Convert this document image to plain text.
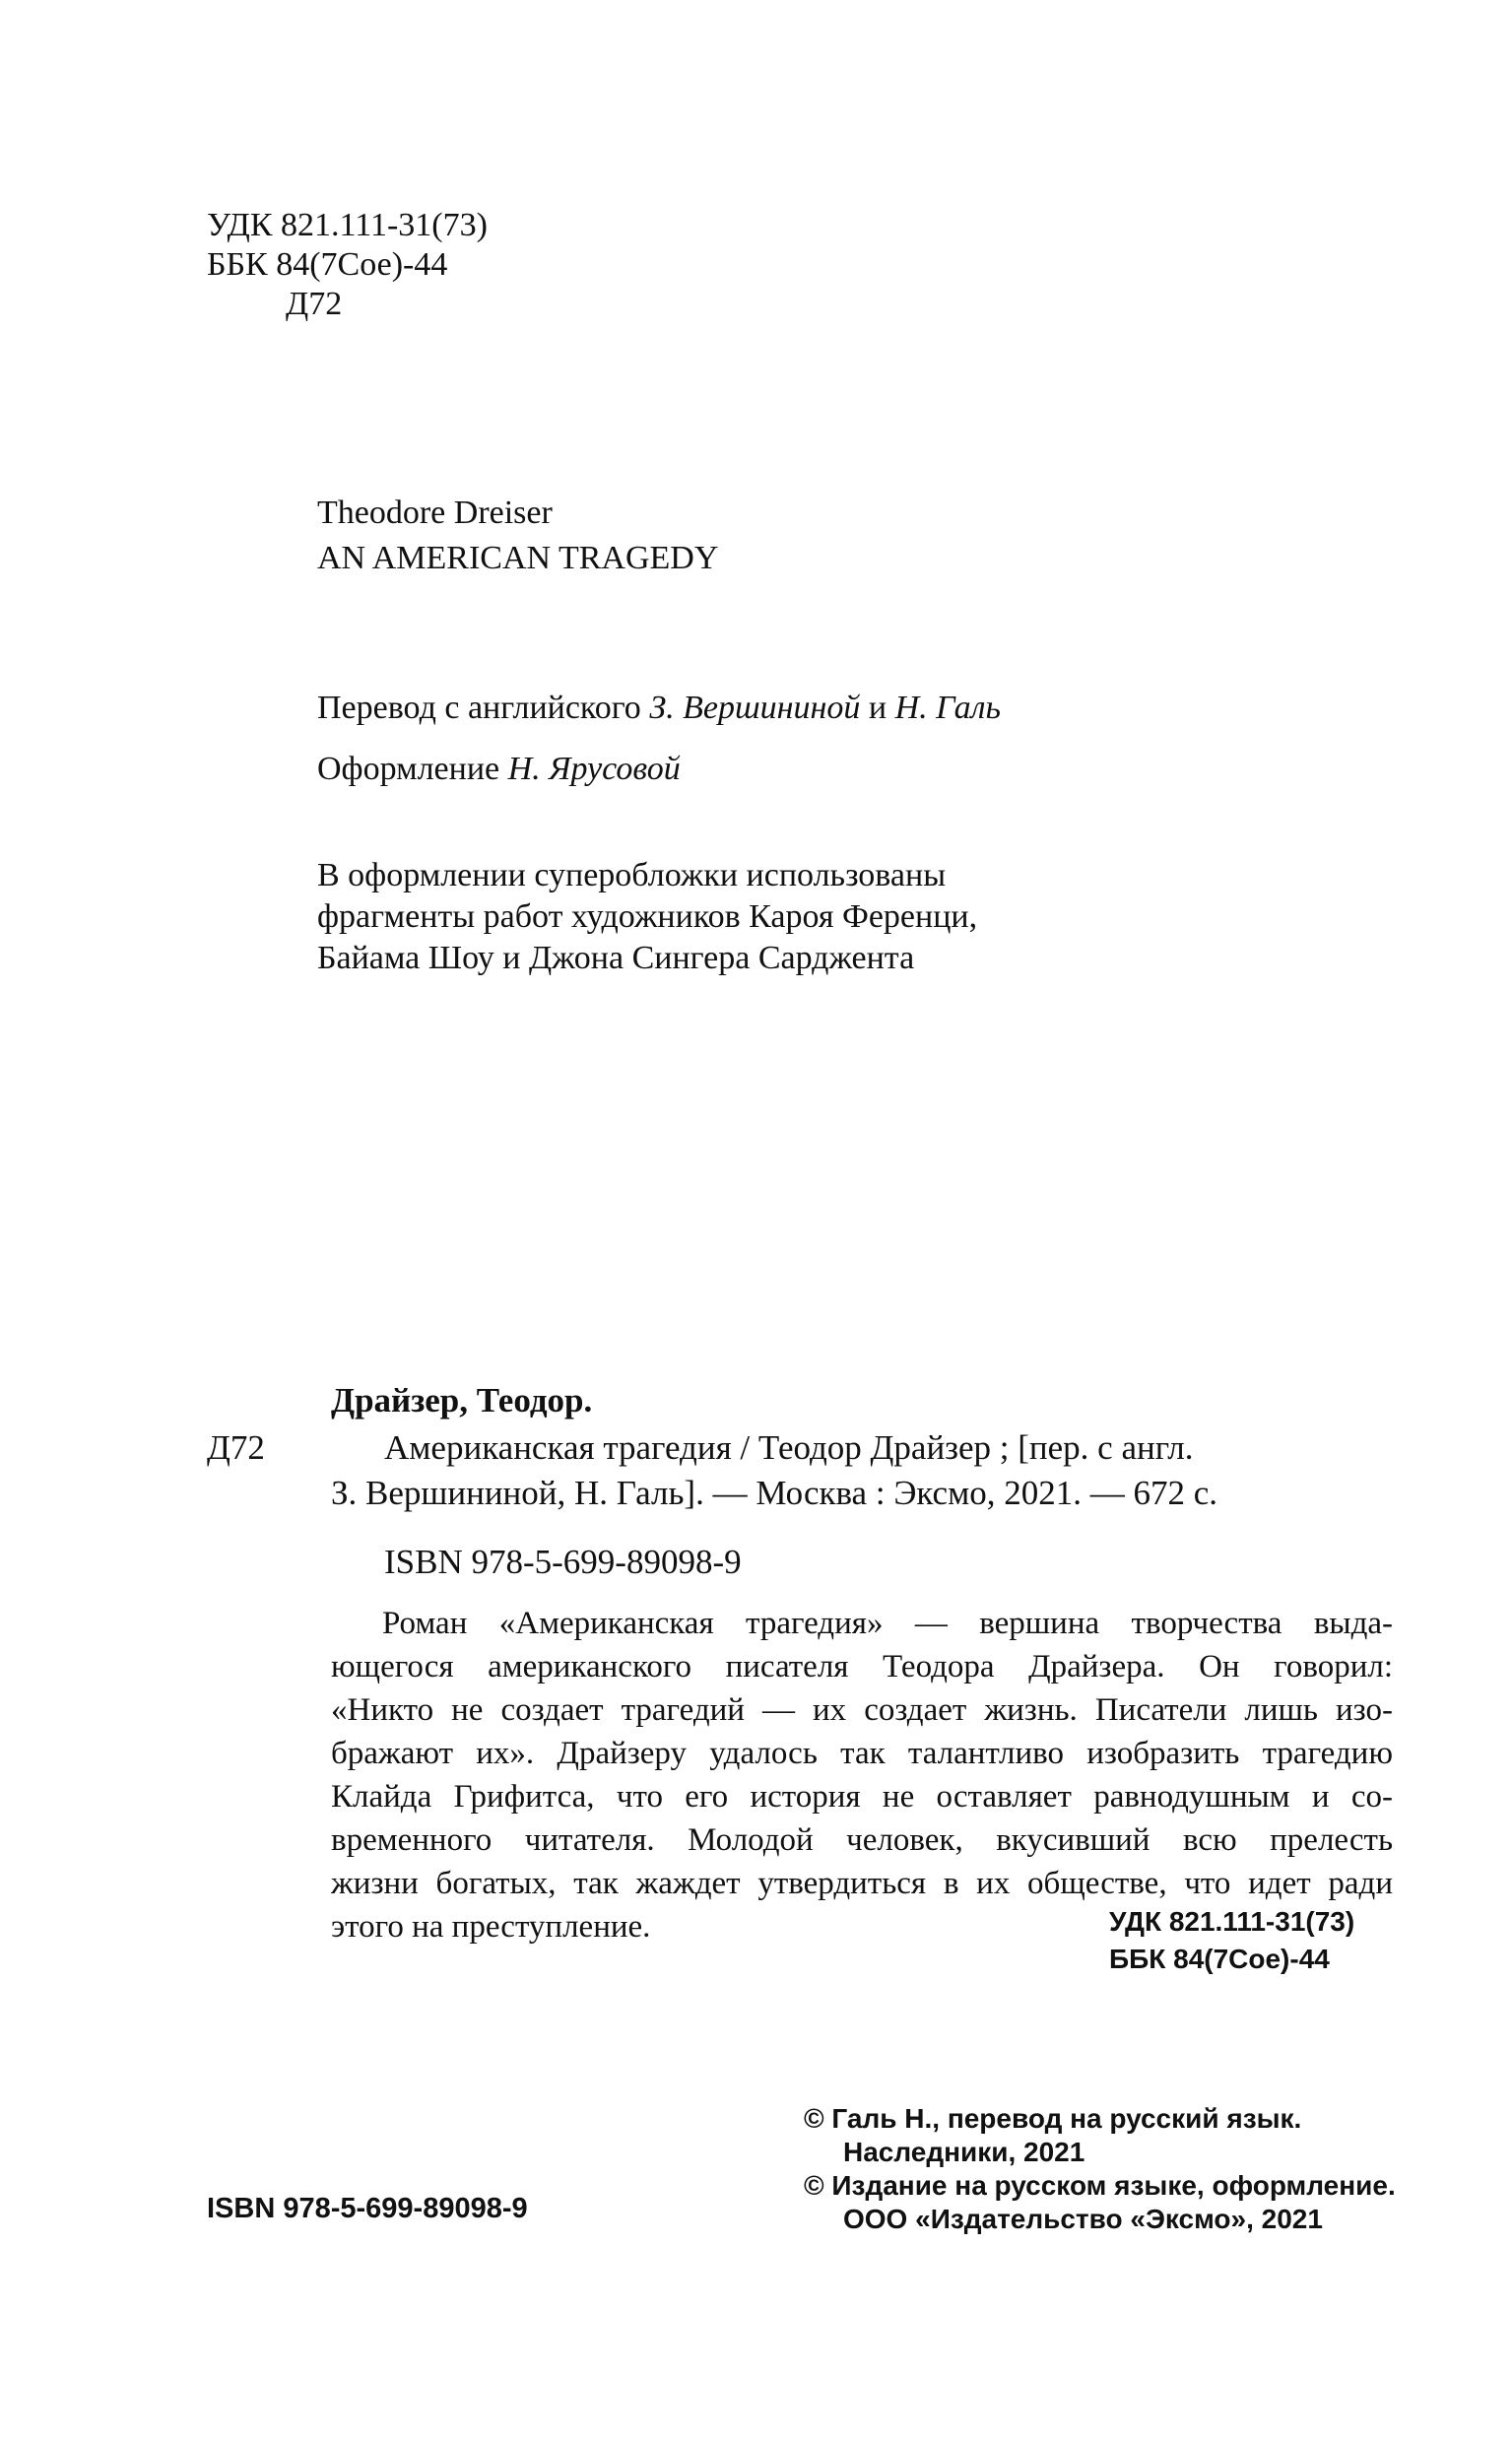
УДК 821.111-31(73)
ББК 84(7Сое)-44
Д72
Theodore Dreiser
AN AMERICAN TRAGEDY
Перевод с английского З. Вершининой и Н. Галь
Оформление Н. Ярусовой
В оформлении суперобложки использованы
фрагменты работ художников Кароя Ференци,
Байама Шоу и Джона Сингера Сарджента
Драйзер, Теодор.
Д72	Американская трагедия / Теодор Драйзер ; [пер. с англ.
З. Вершининой, Н. Галь]. — Москва : Эксмо, 2021. — 672 с.
ISBN 978-5-699-89098-9
Роман «Американская трагедия» — вершина творчества выда-
ющегося американского писателя Теодора Драйзера. Он говорил:
«Никто не создает трагедий — их создает жизнь. Писатели лишь изо-
бражают их». Драйзеру удалось так талантливо изобразить трагедию
Клайда Грифитса, что его история не оставляет равнодушным и со-
временного читателя. Молодой человек, вкусивший всю прелесть
жизни богатых, так жаждет утвердиться в их обществе, что идет ради
этого на преступление.	УДК 821.111-31(73)
ББК 84(7Сое)-44
ISBN 978-5-699-89098-9
© Галь Н., перевод на русский язык.
Наследники, 2021
© Издание на русском языке, оформление.
ООО «Издательство «Эксмо», 2021
